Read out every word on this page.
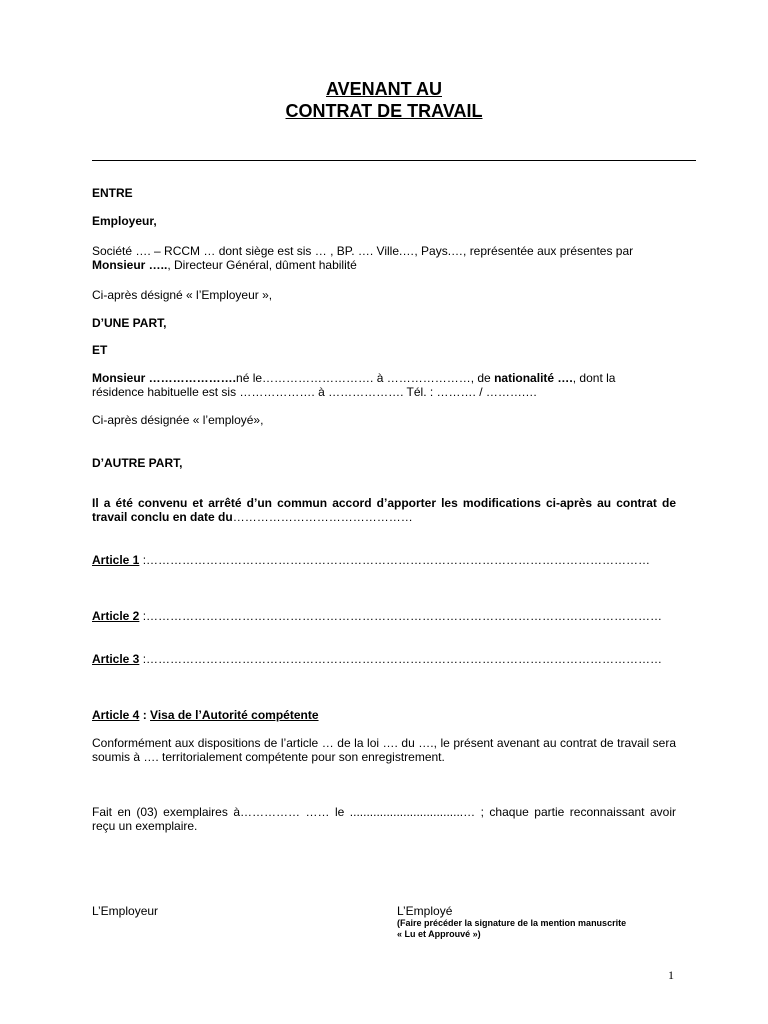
AVENANT AU
CONTRAT DE TRAVAIL
ENTRE
Employeur,
Société …. – RCCM … dont siège est sis … , BP. …. Ville.…, Pays.…, représentée aux présentes par
Monsieur ….., Directeur Général, dûment habilité
Ci-après désigné « l’Employeur »,
D’UNE PART,
ET
Monsieur ………………….né le………………………. à …………………, de nationalité …., dont la
résidence habituelle est sis ………………. à ………………. Tél. : ………. / ……….…
Ci-après désignée « l’employé»,
D’AUTRE PART,
Il a été convenu et arrêté d’un commun accord d’apporter les modifications ci-après au contrat de travail conclu en date du………………………………………
Article 1 :………………………………………………………………………………………………………………
Article 2 :…………………………………………………………………………………………………………………
Article 3 :…………………………………………………………………………………………………………………
Article 4 : Visa de l’Autorité compétente
Conformément aux dispositions de l’article … de la loi …. du …., le présent avenant au contrat de travail sera soumis à …. territorialement compétente pour son enregistrement.
Fait en (03) exemplaires à…………… …… le ..................................… ; chaque partie reconnaissant avoir reçu un exemplaire.
L’Employeur	L’Employé
(Faire précéder la signature de la mention manuscrite
« Lu et Approuvé »)
1
